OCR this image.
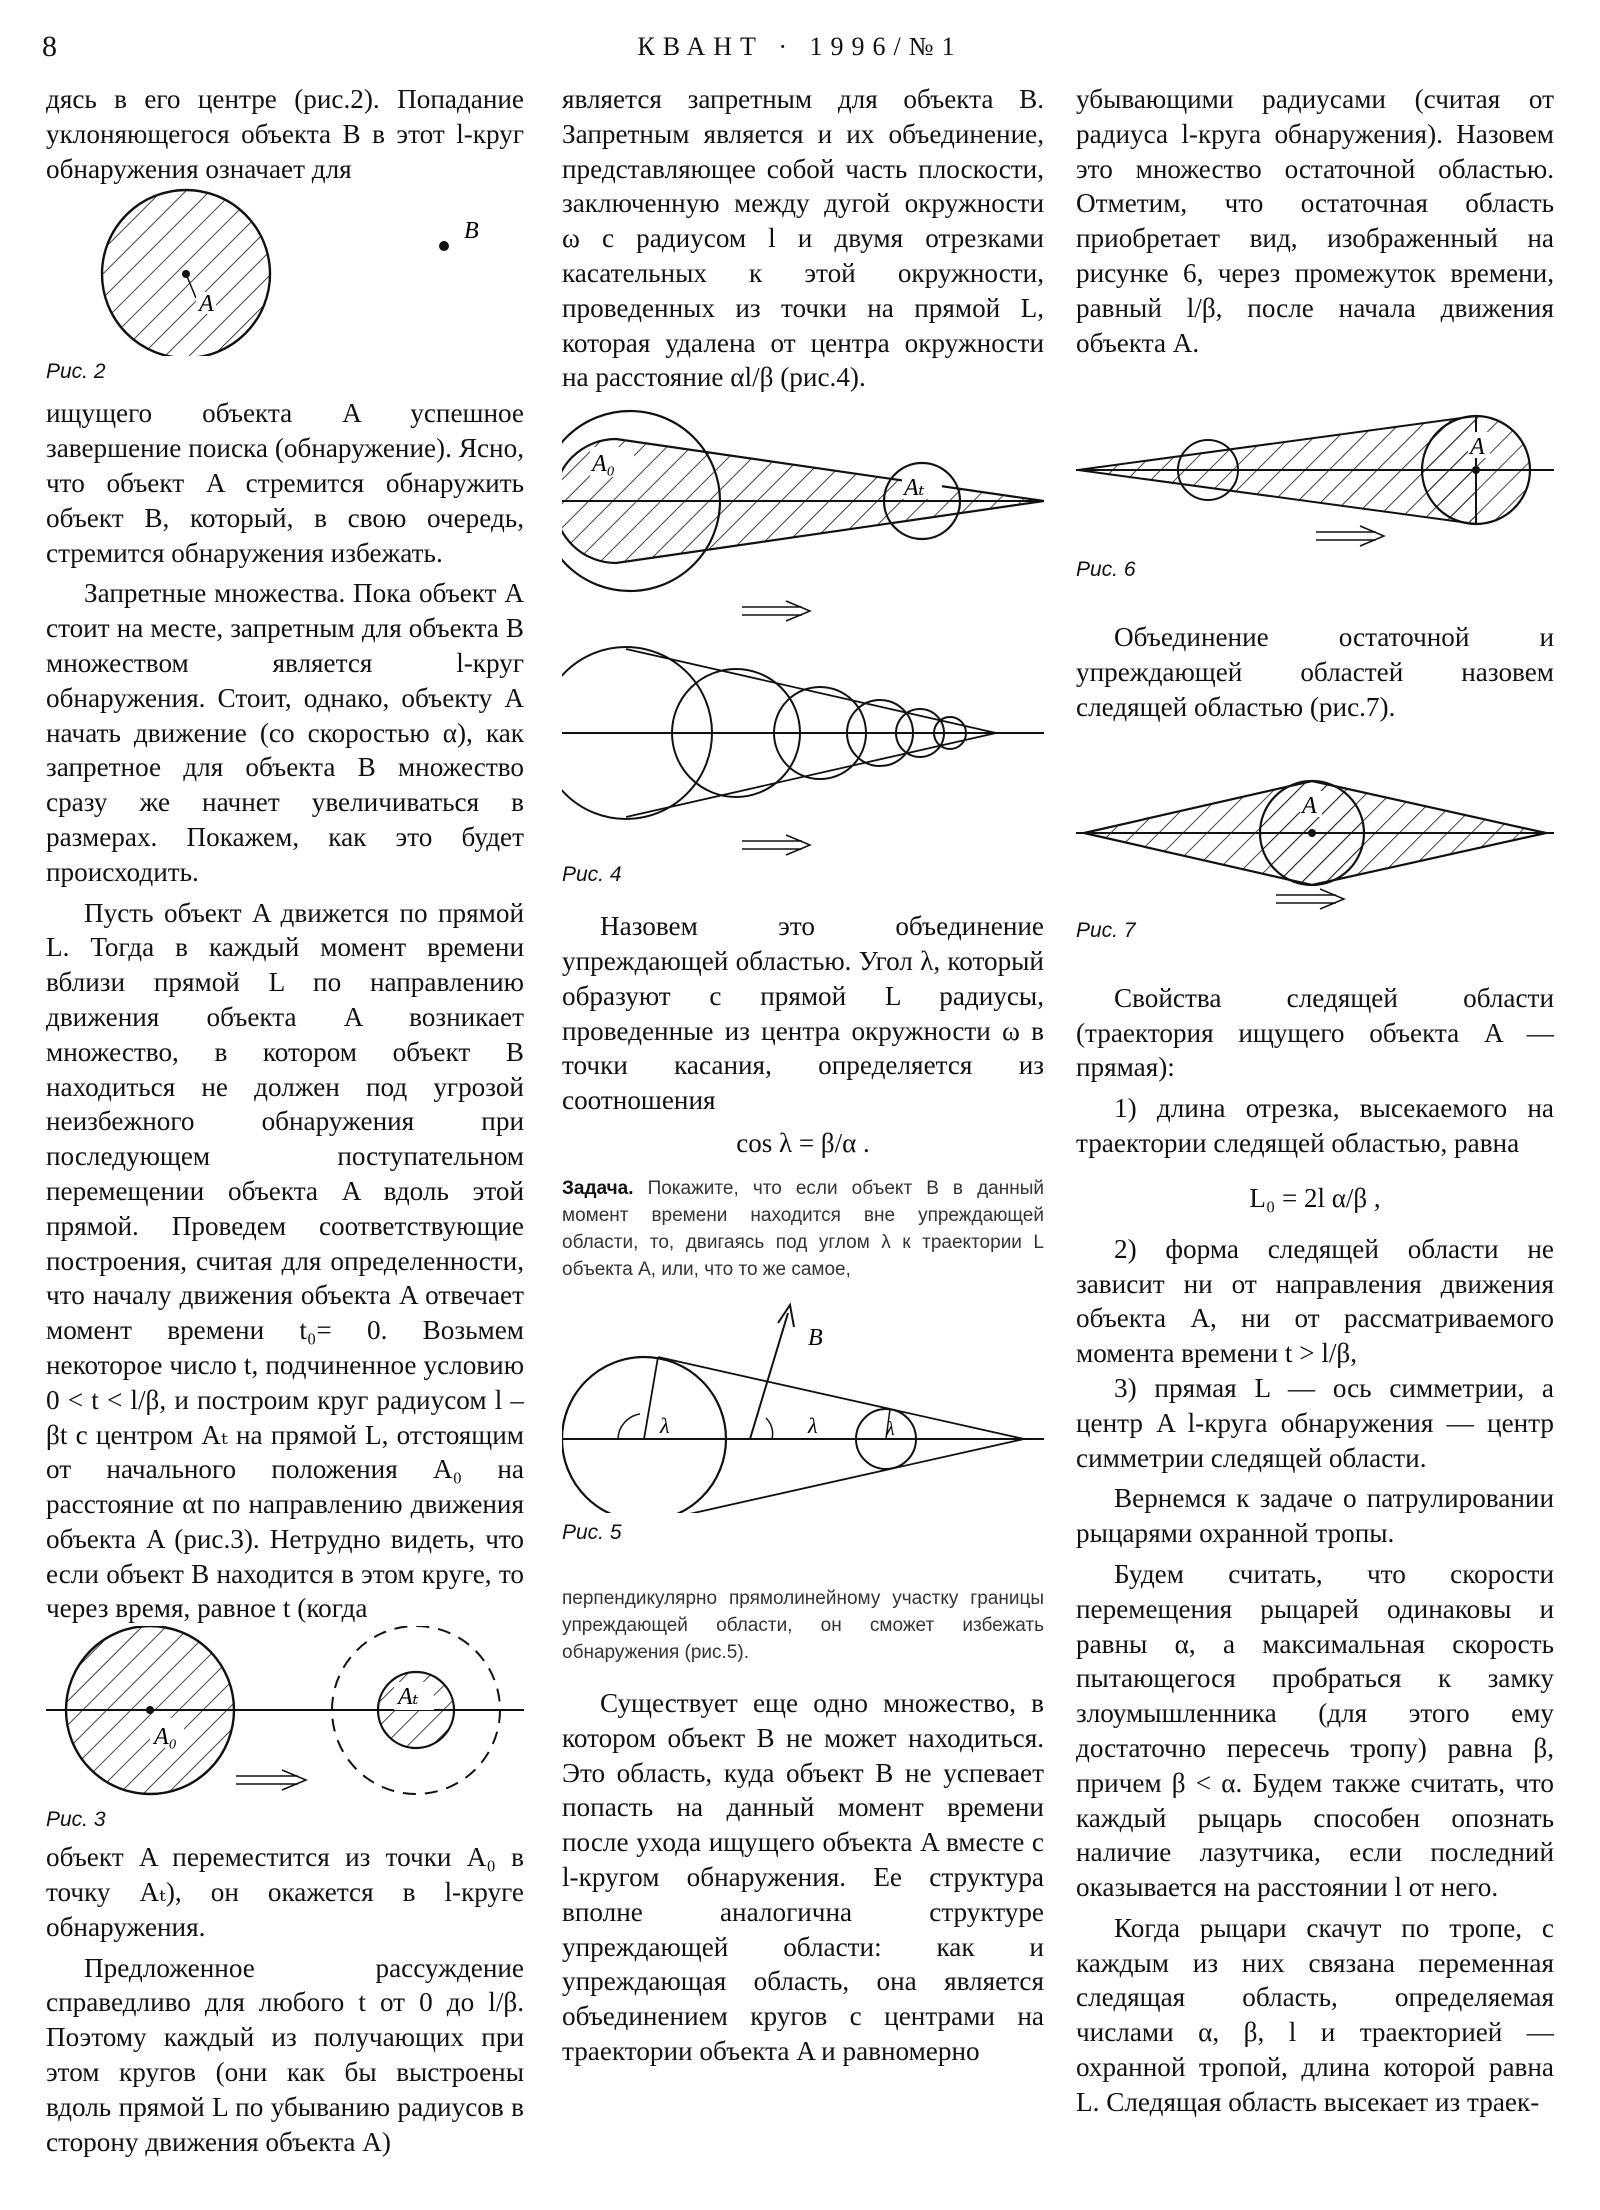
8	КВАНТ · 1996/№1

дясь в его центре (рис.2). Попадание уклоняющегося объекта B в этот l-круг обнаружения означает для

A
B
Рис. 2

ищущего объекта A успешное завершение поиска (обнаружение). Ясно, что объект A стремится обнаружить объект B, который, в свою очередь, стремится обнаружения избежать.

Запретные множества. Пока объект A стоит на месте, запретным для объекта B множеством является l-круг обнаружения. Стоит, однако, объекту A начать движение (со скоростью α), как запретное для объекта B множество сразу же начнет увеличиваться в размерах. Покажем, как это будет происходить.

Пусть объект A движется по прямой L. Тогда в каждый момент времени вблизи прямой L по направлению движения объекта A возникает множество, в котором объект B находиться не должен под угрозой неизбежного обнаружения при последующем поступательном перемещении объекта A вдоль этой прямой. Проведем соответствующие построения, считая для определенности, что началу движения объекта A отвечает момент времени t₀= 0. Возьмем некоторое число t, подчиненное условию 0 < t < l/β, и построим круг радиусом l – βt с центром Aₜ на прямой L, отстоящим от начального положения A₀ на расстояние αt по направлению движения объекта A (рис.3). Нетрудно видеть, что если объект B находится в этом круге, то через время, равное t (когда

A₀
Aₜ
Рис. 3

объект A переместится из точки A₀ в точку Aₜ), он окажется в l-круге обнаружения.

Предложенное рассуждение справедливо для любого t от 0 до l/β. Поэтому каждый из получающих при этом кругов (они как бы выстроены вдоль прямой L по убыванию радиусов в сторону движения объекта A)

является запретным для объекта B. Запретным является и их объединение, представляющее собой часть плоскости, заключенную между дугой окружности ω с радиусом l и двумя отрезками касательных к этой окружности, проведенных из точки на прямой L, которая удалена от центра окружности на расстояние αl/β (рис.4).

A₀
Aₜ
Рис. 4

Назовем это объединение упреждающей областью. Угол λ, который образуют с прямой L радиусы, проведенные из центра окружности ω в точки касания, определяется из соотношения

cos λ = β/α .

Задача. Покажите, что если объект B в данный момент времени находится вне упреждающей области, то, двигаясь под углом λ к траектории L объекта A, или, что то же самое,

λ	λ	λ
B
Рис. 5

перпендикулярно прямолинейному участку границы упреждающей области, он сможет избежать обнаружения (рис.5).

Существует еще одно множество, в котором объект B не может находиться. Это область, куда объект B не успевает попасть на данный момент времени после ухода ищущего объекта A вместе с l-кругом обнаружения. Ее структура вполне аналогична структуре упреждающей области: как и упреждающая область, она является объединением кругов с центрами на траектории объекта A и равномерно

убывающими радиусами (считая от радиуса l-круга обнаружения). Назовем это множество остаточной областью. Отметим, что остаточная область приобретает вид, изображенный на рисунке 6, через промежуток времени, равный l/β, после начала движения объекта A.

A
Рис. 6

Объединение остаточной и упреждающей областей назовем следящей областью (рис.7).

A
Рис. 7

Свойства следящей области (траектория ищущего объекта A — прямая):

1) длина отрезка, высекаемого на траектории следящей областью, равна

L₀ = 2l α/β ,

2) форма следящей области не зависит ни от направления движения объекта A, ни от рассматриваемого момента времени t > l/β,

3) прямая L — ось симметрии, а центр A l-круга обнаружения — центр симметрии следящей области.

Вернемся к задаче о патрулировании рыцарями охранной тропы.

Будем считать, что скорости перемещения рыцарей одинаковы и равны α, а максимальная скорость пытающегося пробраться к замку злоумышленника (для этого ему достаточно пересечь тропу) равна β, причем β < α. Будем также считать, что каждый рыцарь способен опознать наличие лазутчика, если последний оказывается на расстоянии l от него.

Когда рыцари скачут по тропе, с каждым из них связана переменная следящая область, определяемая числами α, β, l и траекторией — охранной тропой, длина которой равна L. Следящая область высекает из траек-
